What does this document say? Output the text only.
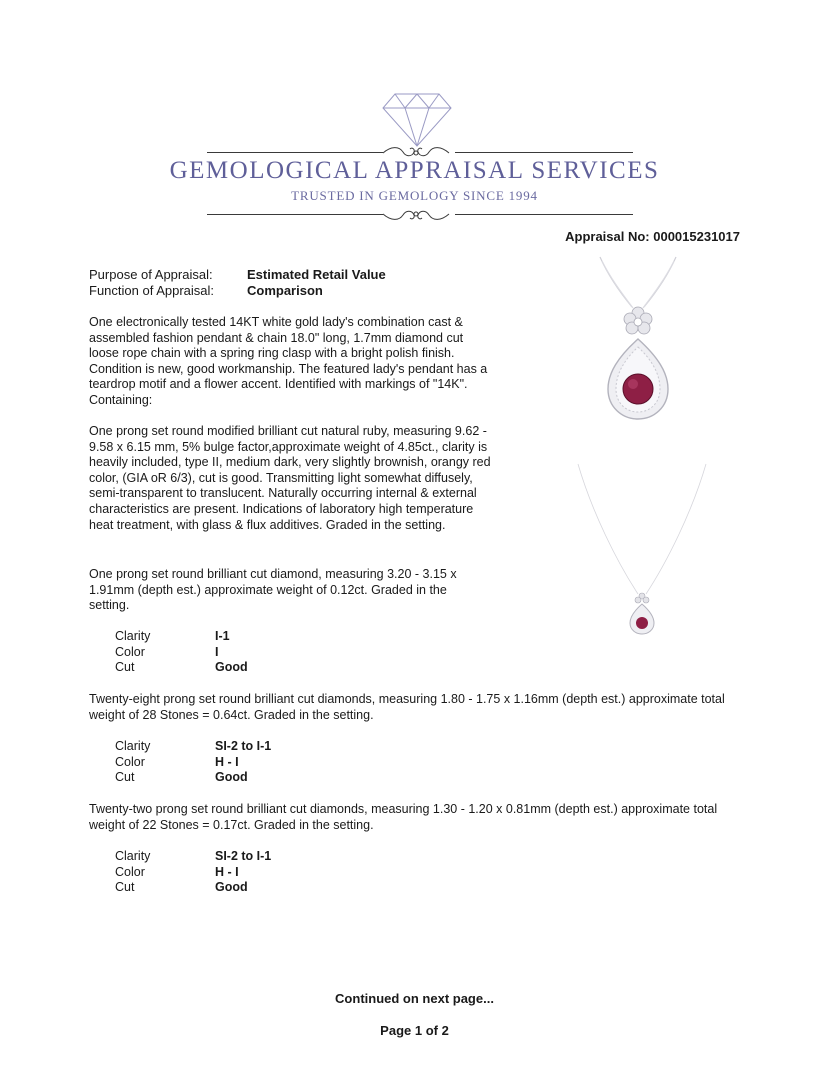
GEMOLOGICAL APPRAISAL SERVICES
TRUSTED IN GEMOLOGY SINCE 1994
Appraisal No: 000015231017
Purpose of Appraisal:	Estimated Retail Value
Function of Appraisal:	Comparison

One electronically tested 14KT white gold lady's combination cast & assembled fashion pendant & chain 18.0" long, 1.7mm diamond cut loose rope chain with a spring ring clasp with a bright polish finish. Condition is new, good workmanship. The featured lady's pendant has a teardrop motif and a flower accent. Identified with markings of "14K". Containing:

One prong set round modified brilliant cut natural ruby, measuring 9.62 - 9.58 x 6.15 mm, 5% bulge factor,approximate weight of 4.85ct., clarity is heavily included, type II, medium dark, very slightly brownish, orangy red color, (GIA oR 6/3), cut is good. Transmitting light somewhat diffusely, semi-transparent to translucent. Naturally occurring internal & external characteristics are present. Indications of laboratory high temperature heat treatment, with glass & flux additives. Graded in the setting.

One prong set round brilliant cut diamond, measuring 3.20 - 3.15 x 1.91mm (depth est.) approximate weight of 0.12ct. Graded in the setting.

Clarity	I-1
Color	I
Cut	Good

Twenty-eight prong set round brilliant cut diamonds, measuring 1.80 - 1.75 x 1.16mm (depth est.) approximate total weight of 28 Stones = 0.64ct. Graded in the setting.

Clarity	SI-2 to I-1
Color	H - I
Cut	Good

Twenty-two prong set round brilliant cut diamonds, measuring 1.30 - 1.20 x 0.81mm (depth est.) approximate total weight of 22 Stones = 0.17ct. Graded in the setting.

Clarity	SI-2 to I-1
Color	H - I
Cut	Good
Continued on next page...
Page 1 of 2
